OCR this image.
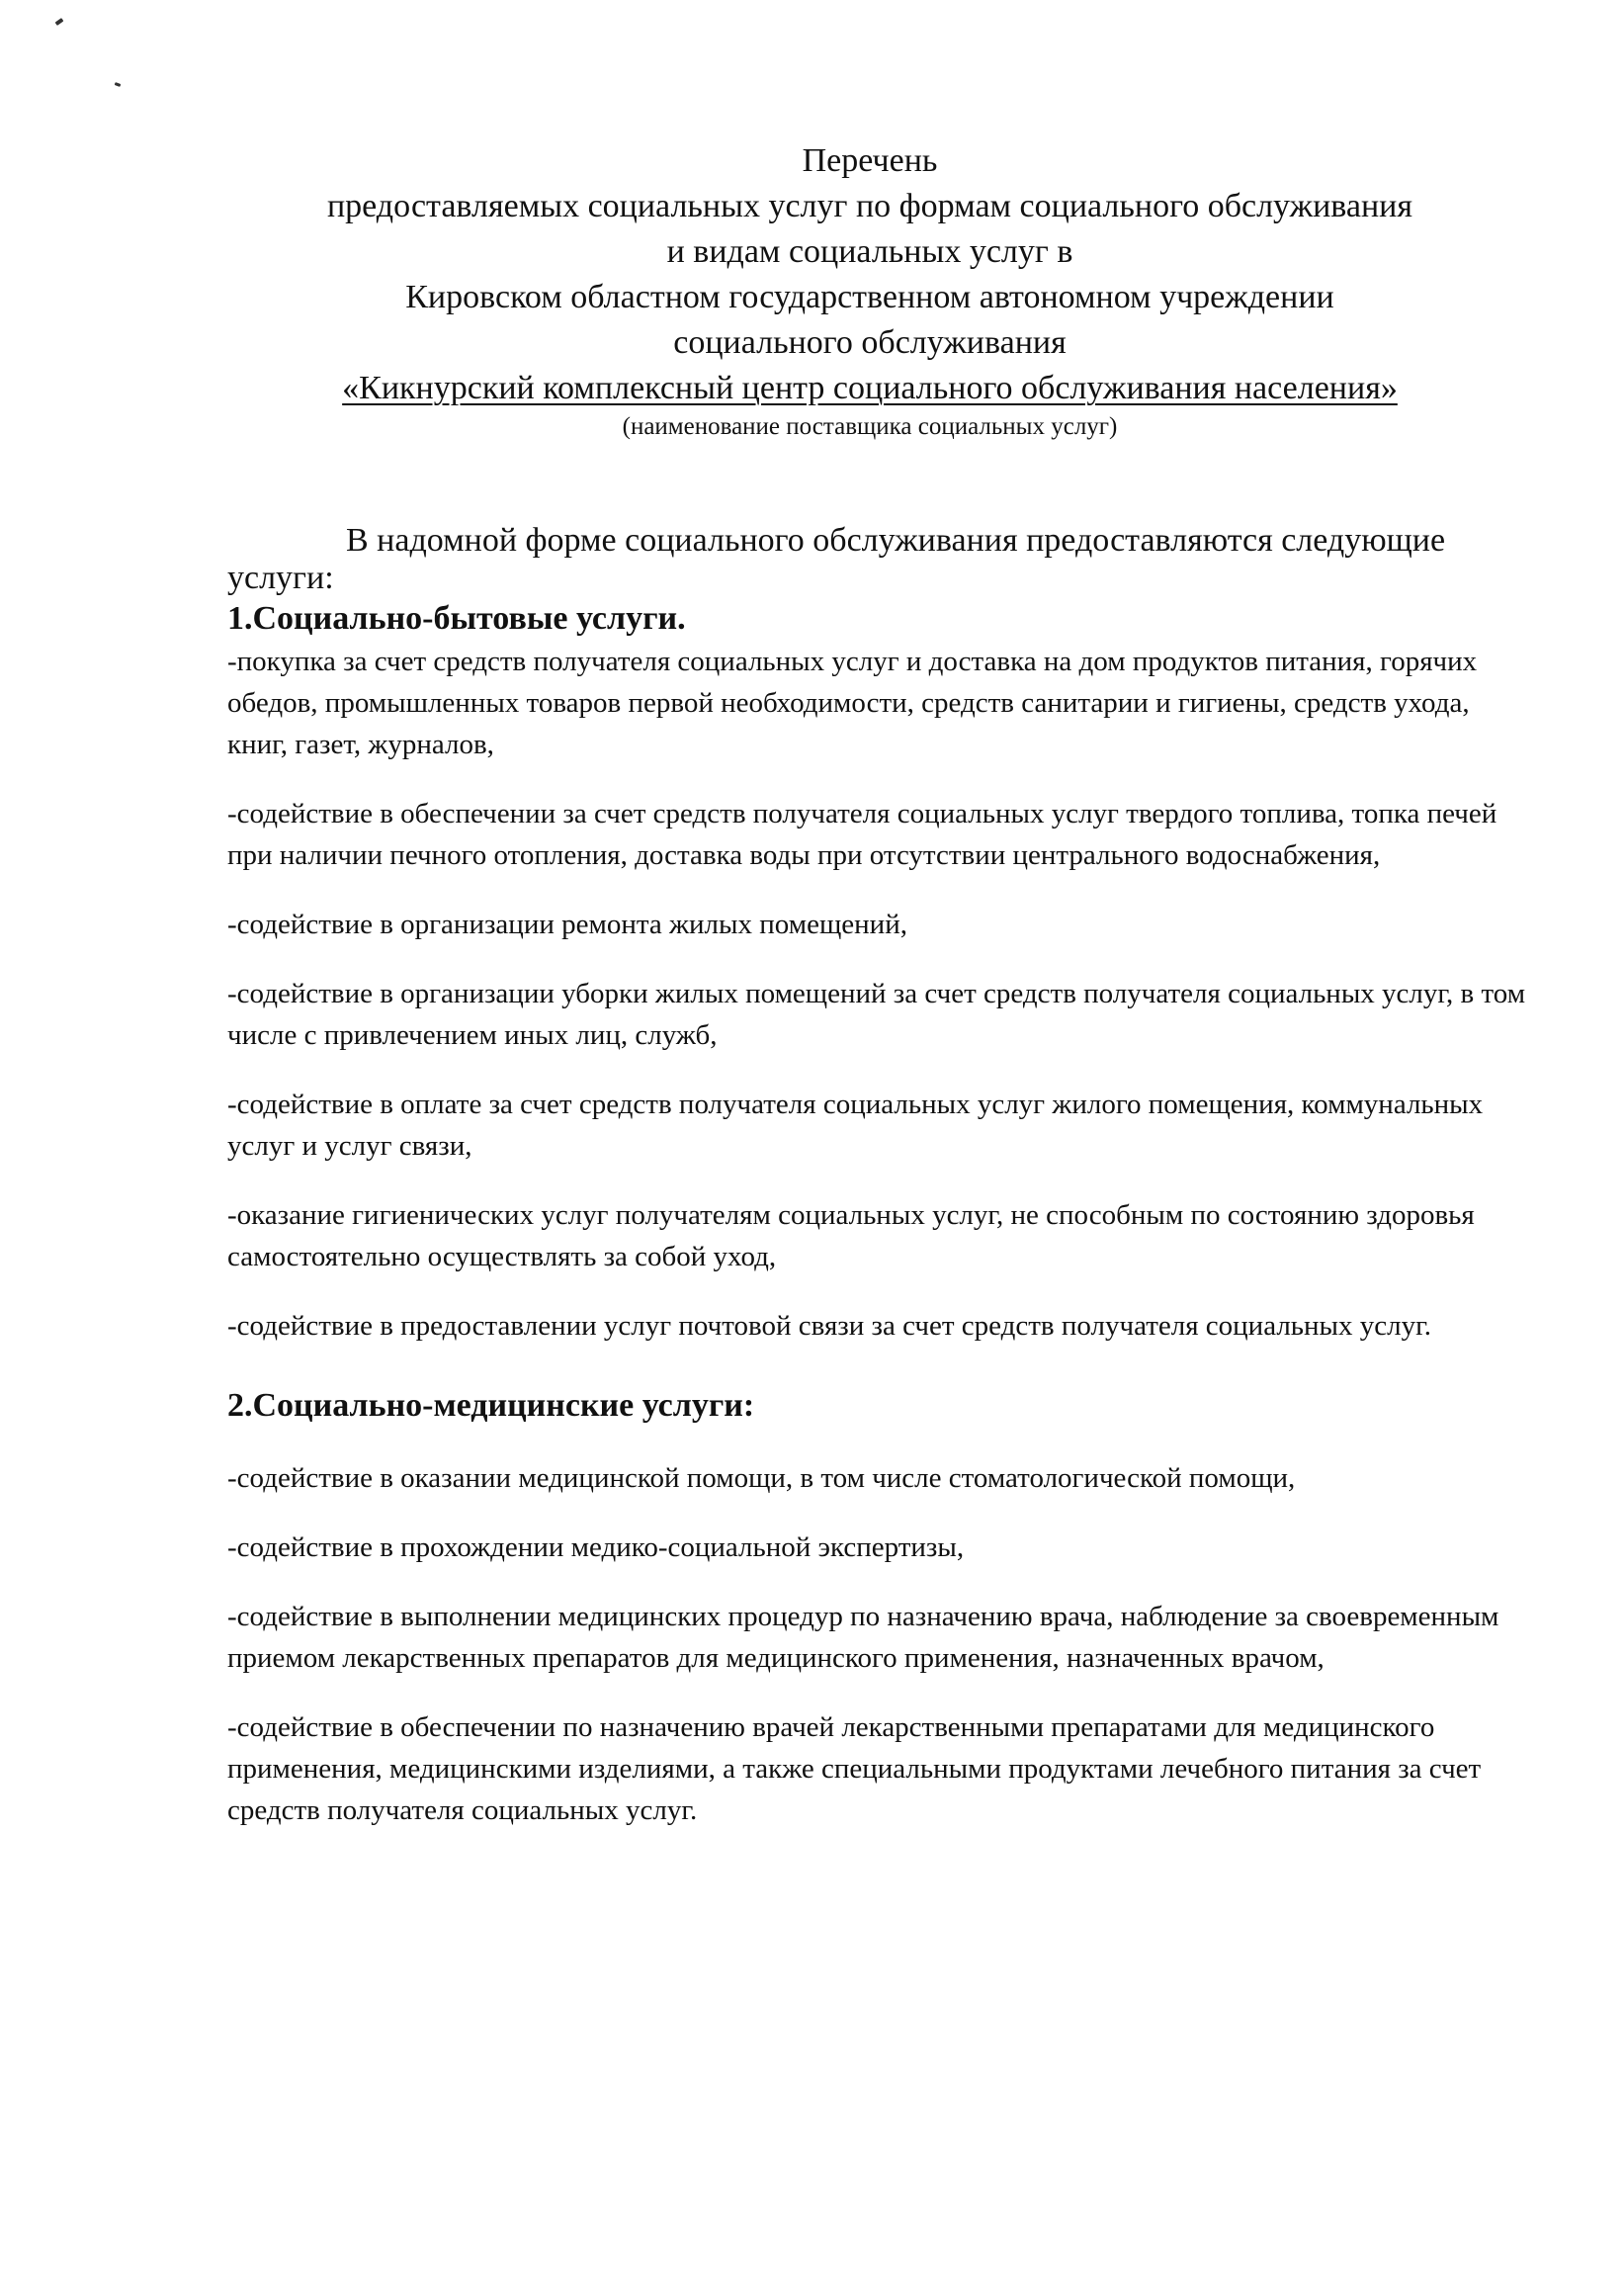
Перечень
предоставляемых социальных услуг по формам социального обслуживания
и видам социальных услуг в
Кировском областном государственном автономном учреждении
социального обслуживания
«Кикнурский комплексный центр социального обслуживания населения»
(наименование поставщика социальных услуг)

В надомной форме социального обслуживания предоставляются следующие услуги:

1.Социально-бытовые услуги.

-покупка за счет средств получателя социальных услуг и доставка на дом продуктов питания, горячих обедов, промышленных товаров первой необходимости, средств санитарии и гигиены, средств ухода, книг, газет, журналов,

-содействие в обеспечении за счет средств получателя социальных услуг твердого топлива, топка печей при наличии печного отопления, доставка воды при отсутствии центрального водоснабжения,

-содействие в организации ремонта жилых помещений,

-содействие в организации уборки жилых помещений за счет средств получателя социальных услуг, в том числе с привлечением иных лиц, служб,

-содействие в оплате за счет средств получателя социальных услуг жилого помещения, коммунальных услуг и услуг связи,

-оказание гигиенических услуг получателям социальных услуг, не способным по состоянию здоровья самостоятельно осуществлять за собой уход,

-содействие в предоставлении услуг почтовой связи за счет средств получателя социальных услуг.

2.Социально-медицинские услуги:

-содействие в оказании медицинской помощи, в том числе стоматологической помощи,

-содействие в прохождении медико-социальной экспертизы,

-содействие в выполнении медицинских процедур по назначению врача, наблюдение за своевременным приемом лекарственных препаратов для медицинского применения, назначенных врачом,

-содействие в обеспечении по назначению врачей лекарственными препаратами для медицинского применения, медицинскими изделиями, а также специальными продуктами лечебного питания за счет средств получателя социальных услуг.
